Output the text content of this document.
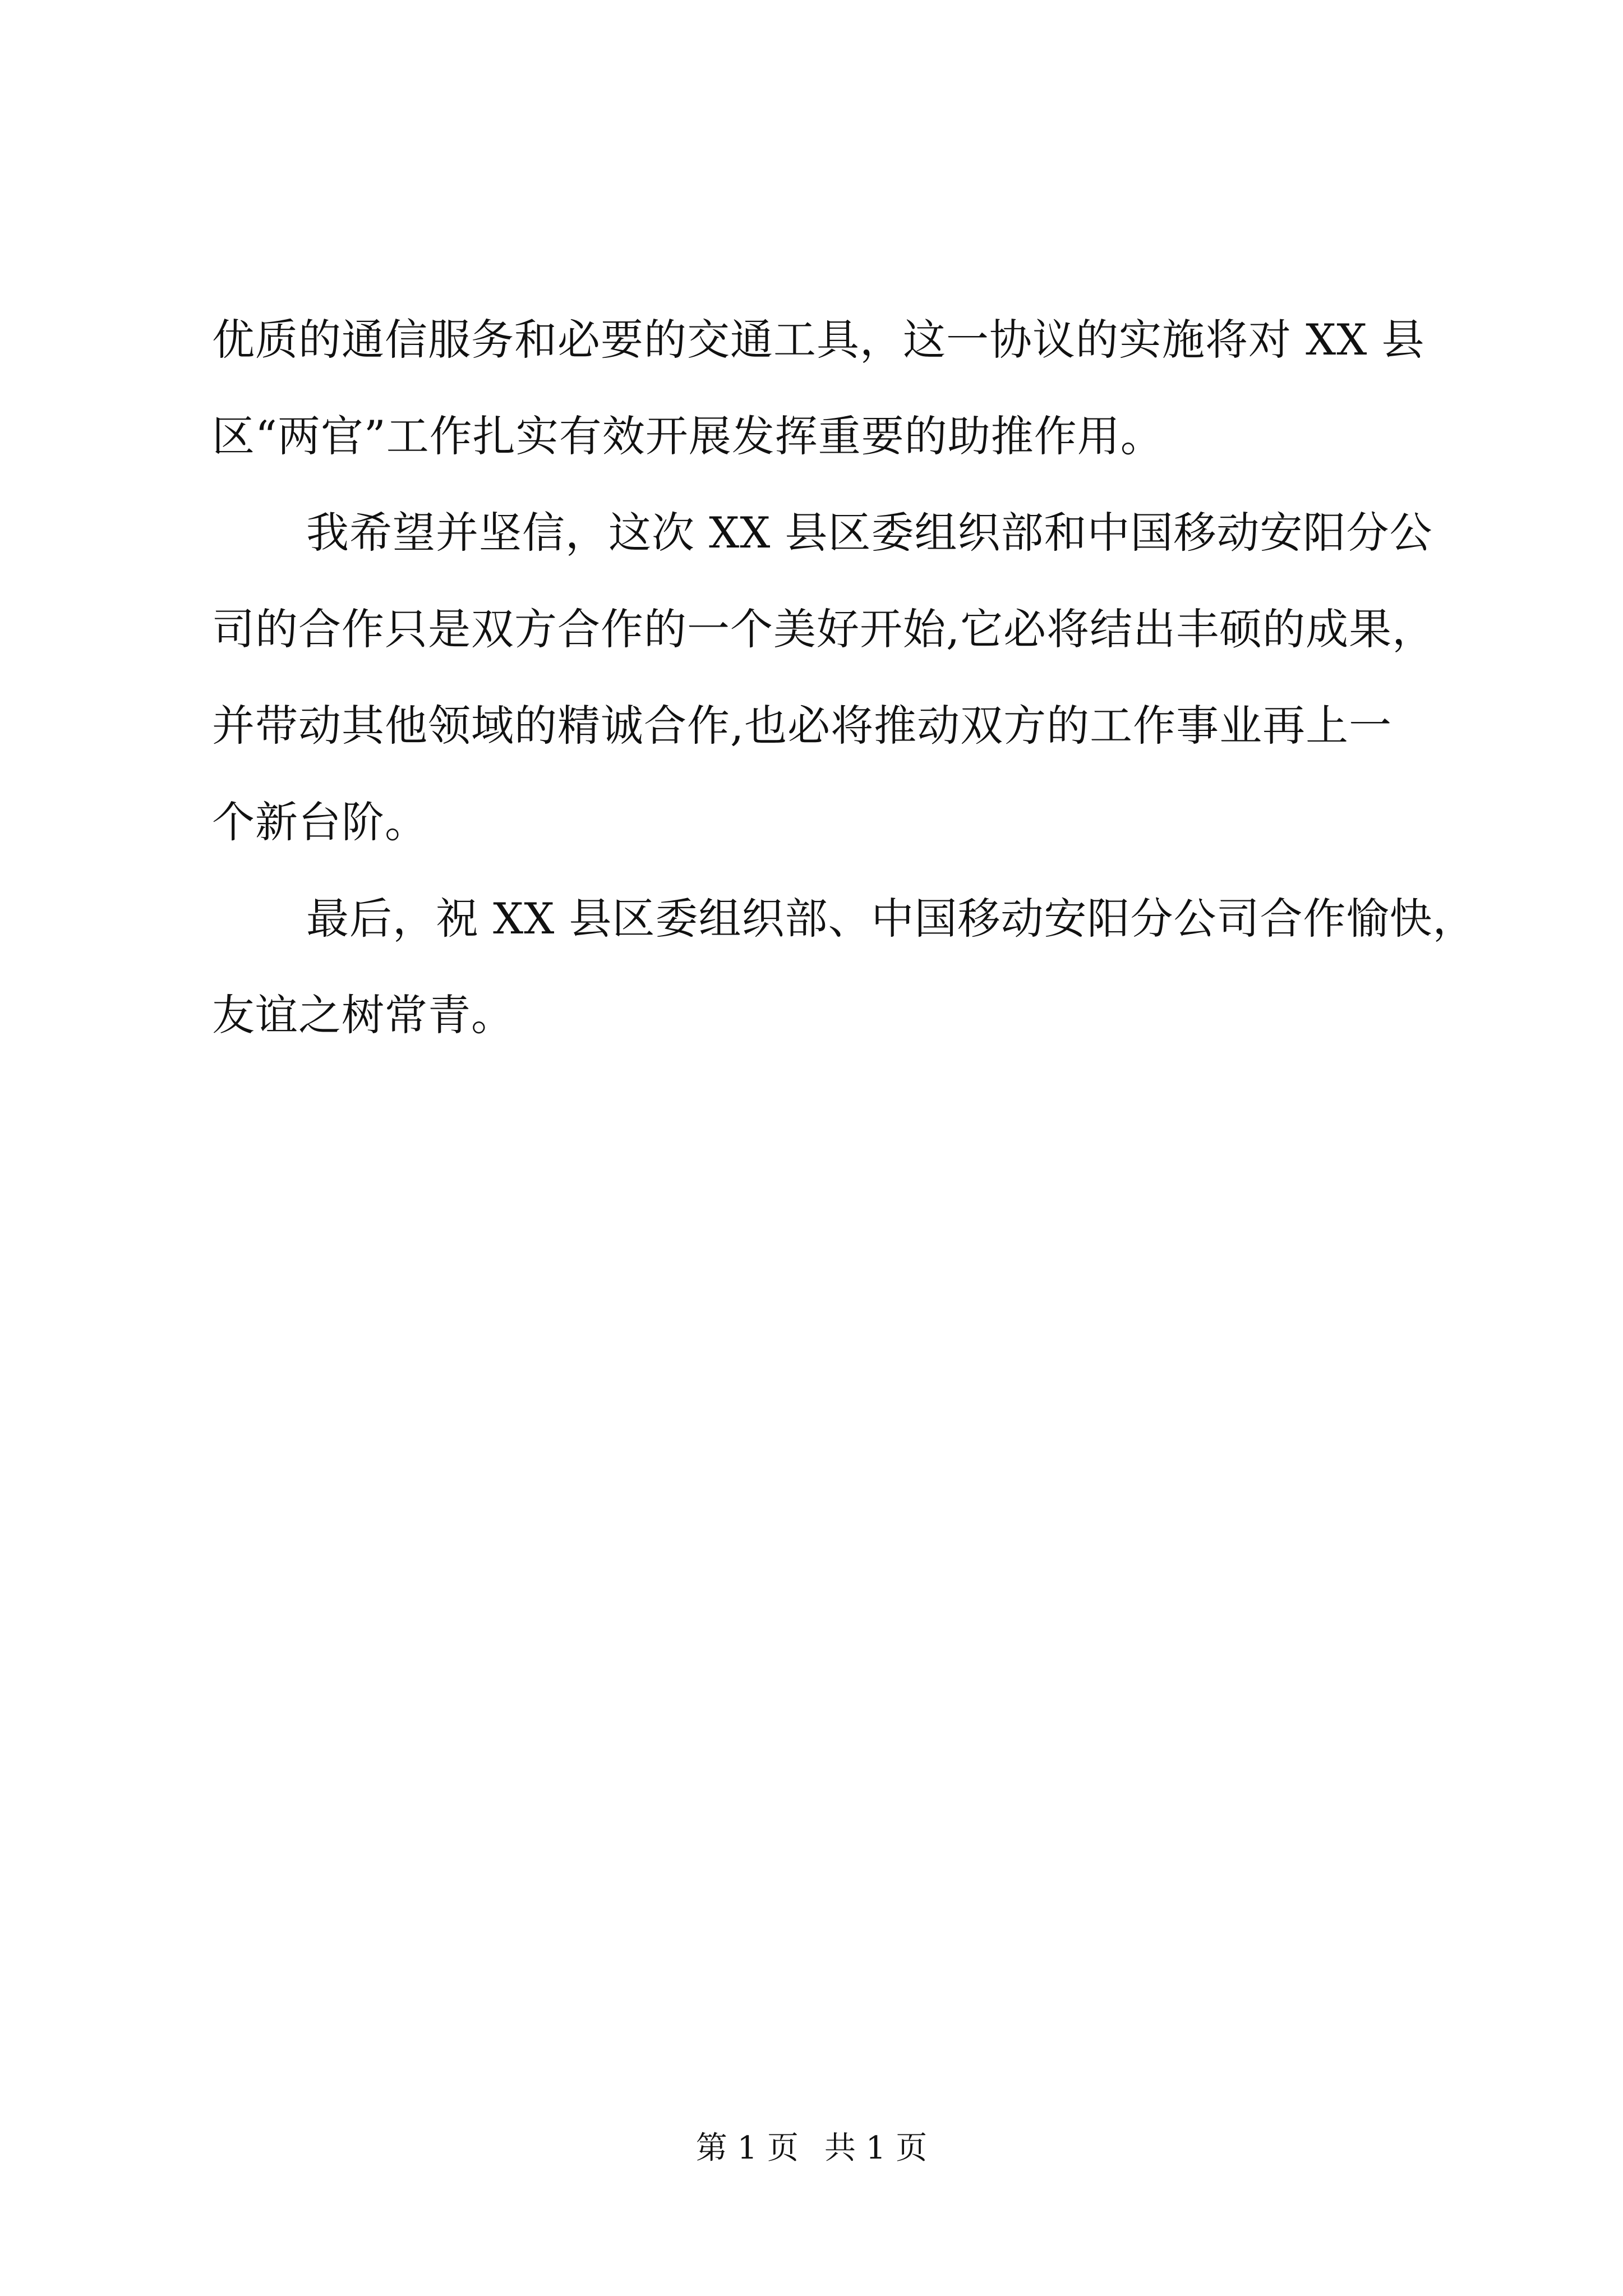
优质的通信服务和必要的交通工具，这一协议的实施将对 XX 县
区“两官”工作扎实有效开展发挥重要的助推作用。
我希望并坚信，这次 XX 县区委组织部和中国移动安阳分公
司的合作只是双方合作的一个美好开始,它必将结出丰硕的成果，
并带动其他领域的精诚合作,也必将推动双方的工作事业再上一
个新台阶。
最后，祝 XX 县区委组织部、中国移动安阳分公司合作愉快，
友谊之树常青。
第 1 页 共 1 页
